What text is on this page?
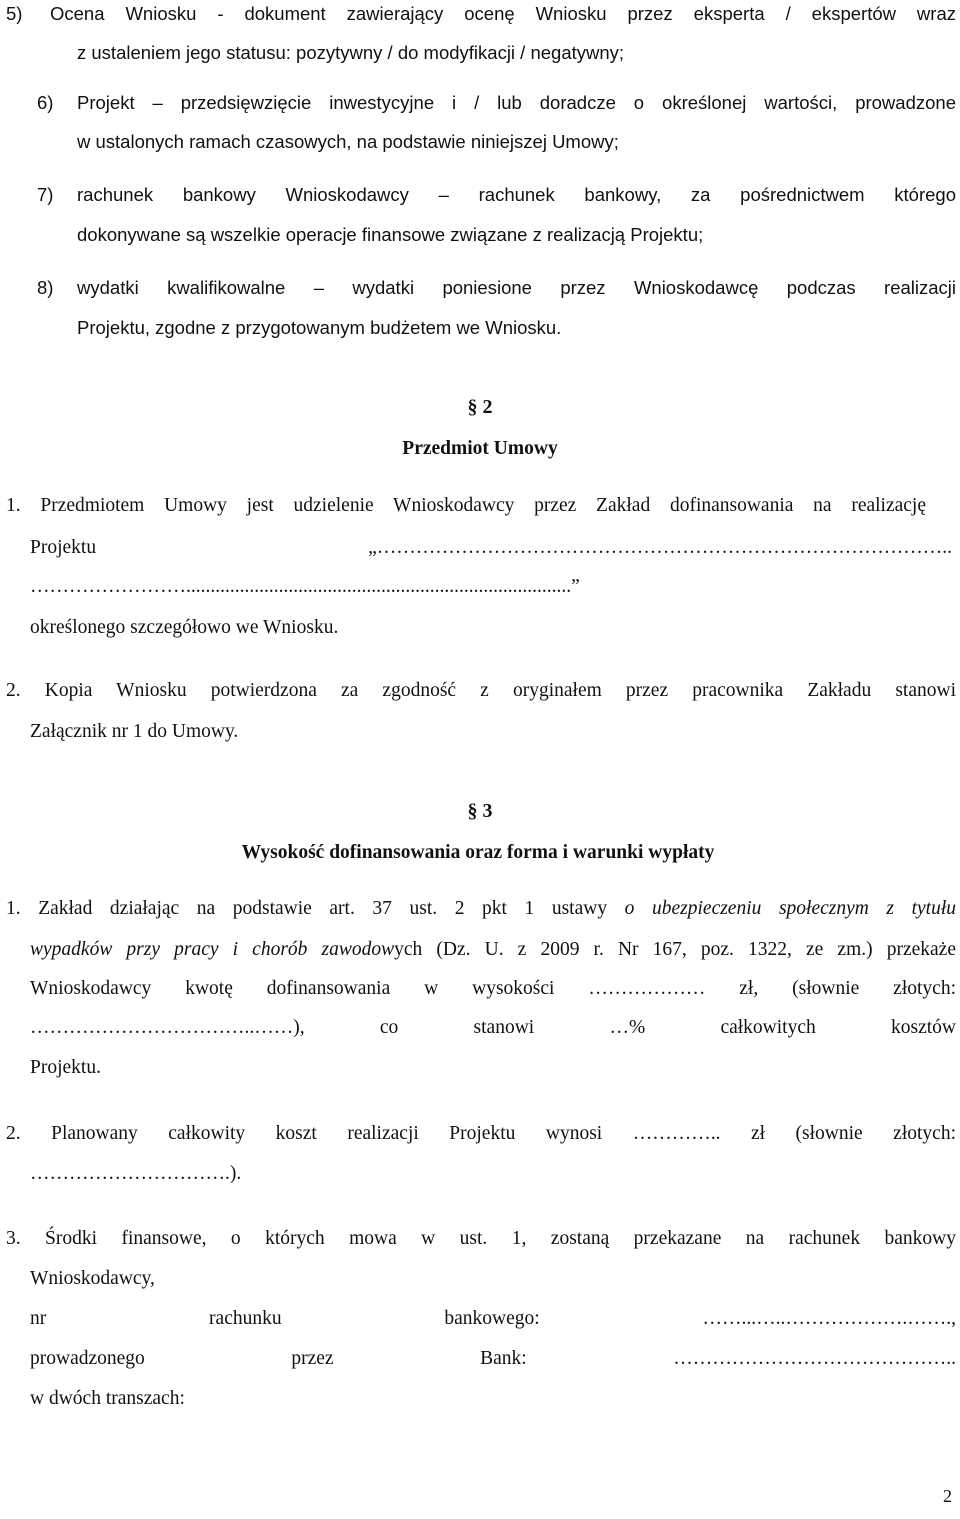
5) Ocena Wniosku - dokument zawierający ocenę Wniosku przez eksperta / ekspertów wraz
z ustaleniem jego statusu: pozytywny / do modyfikacji / negatywny;
6) Projekt – przedsięwzięcie inwestycyjne i / lub doradcze o określonej wartości, prowadzone
w ustalonych ramach czasowych, na podstawie niniejszej Umowy;
7) rachunek bankowy Wnioskodawcy – rachunek bankowy, za pośrednictwem którego
dokonywane są wszelkie operacje finansowe związane z realizacją Projektu;
8) wydatki kwalifikowalne – wydatki poniesione przez Wnioskodawcę podczas realizacji
Projektu, zgodne z przygotowanym budżetem we Wniosku.
§ 2
Przedmiot Umowy
1. Przedmiotem Umowy jest udzielenie Wnioskodawcy przez Zakład dofinansowania na realizację
Projektu „……………………………………………………………………………..
……………………...............................................................................”
określonego szczegółowo we Wniosku.
2. Kopia Wniosku potwierdzona za zgodność z oryginałem przez pracownika Zakładu stanowi
Załącznik nr 1 do Umowy.
§ 3
Wysokość dofinansowania oraz forma i warunki wypłaty
1. Zakład działając na podstawie art. 37 ust. 2 pkt 1 ustawy o ubezpieczeniu społecznym z tytułu
wypadków przy pracy i chorób zawodowych (Dz. U. z 2009 r. Nr 167, poz. 1322, ze zm.) przekaże
Wnioskodawcy kwotę dofinansowania w wysokości ……………… zł, (słownie złotych:
……………………………..……), co stanowi …% całkowitych kosztów
Projektu.
2. Planowany całkowity koszt realizacji Projektu wynosi ………….. zł (słownie złotych:
………………………….).
3. Środki finansowe, o których mowa w ust. 1, zostaną przekazane na rachunek bankowy
Wnioskodawcy,
nr rachunku bankowego: ……...…..……………….…….,
prowadzonego przez Bank: ……………………………………..
w dwóch transzach:
2
